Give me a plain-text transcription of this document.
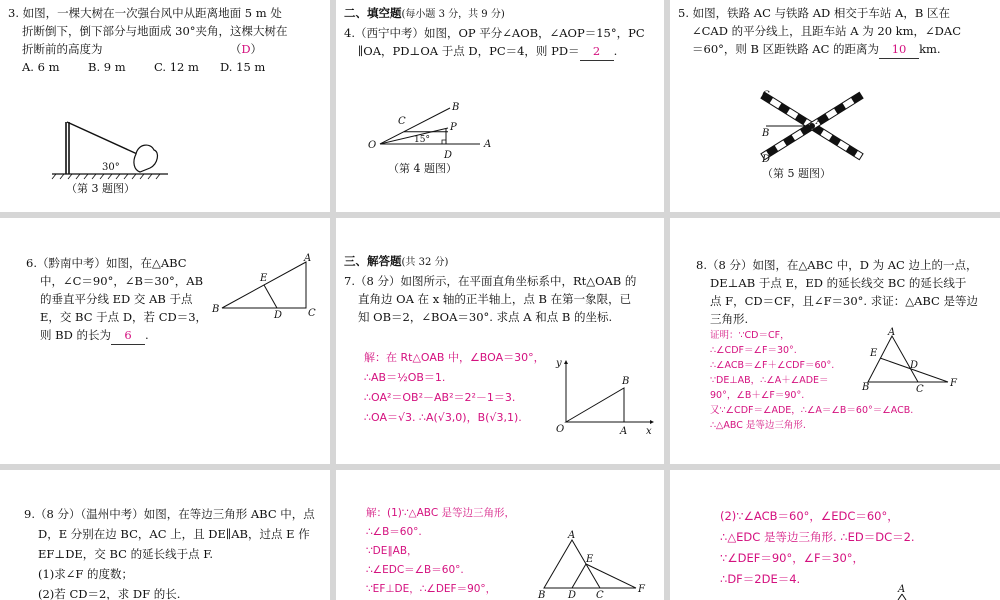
3. 如图，一棵大树在一次强台风中从距离地面 5 m 处
折断倒下，倒下部分与地面成 30°夹角，这棵大树在
折断前的高度为	（D）
A. 6 m B. 9 m C. 12 m D. 15 m
30°
（第 3 题图）
二、填空题(每小题 3 分，共 9 分)
4.（西宁中考）如图，OP 平分∠AOB，∠AOP＝15°，PC
∥OA，PD⊥OA 于点 D，PC＝4，则 PD＝ 2 .
O	A
B
C
P
D
15°
（第 4 题图）
5. 如图，铁路 AC 与铁路 AD 相交于车站 A，B 区在
∠CAD 的平分线上，且距车站 A 为 20 km，∠DAC
＝60°，则 B 区距铁路 AC 的距离为 10 km.
C
B
D
A
（第 5 题图）
6.（黔南中考）如图，在△ABC
中，∠C＝90°，∠B＝30°，AB
的垂直平分线 ED 交 AB 于点
E，交 BC 于点 D，若 CD＝3，
则 BD 的长为 6 .
B
A
C
D
E
三、解答题(共 32 分)
7.（8 分）如图所示，在平面直角坐标系中，Rt△OAB 的
直角边 OA 在 x 轴的正半轴上，点 B 在第一象限，已
知 OB＝2，∠BOA＝30°. 求点 A 和点 B 的坐标.
解：在 Rt△OAB 中，∠BOA＝30°，
∴AB＝½OB＝1.
∴OA²＝OB²－AB²＝2²－1＝3.
∴OA＝√3. ∴A(√3,0)，B(√3,1).
O	A
B
x
y
8.（8 分）如图，在△ABC 中，D 为 AC 边上的一点，
DE⊥AB 于点 E，ED 的延长线交 BC 的延长线于
点 F，CD＝CF，且∠F＝30°. 求证：△ABC 是等边
三角形.
证明：∵CD＝CF，
∴∠CDF＝∠F＝30°.
∴∠ACB＝∠F＋∠CDF＝60°.
∵DE⊥AB，∴∠A＋∠ADE＝
90°，∠B＋∠F＝90°.
又∵∠CDF＝∠ADE，∴∠A＝∠B＝60°＝∠ACB.
∴△ABC 是等边三角形.
A
B	C
D
E
F
9.（8 分）（温州中考）如图，在等边三角形 ABC 中，点
D，E 分别在边 BC，AC 上，且 DE∥AB，过点 E 作
EF⊥DE，交 BC 的延长线于点 F.
(1)求∠F 的度数；
(2)若 CD＝2，求 DF 的长.
解：(1)∵△ABC 是等边三角形，
∴∠B＝60°.
∵DE∥AB，
∴∠EDC＝∠B＝60°.
∵EF⊥DE，∴∠DEF＝90°，
A
B D C
E
F
(2)∵∠ACB＝60°，∠EDC＝60°，
∴△EDC 是等边三角形. ∴ED＝DC＝2.
∵∠DEF＝90°，∠F＝30°，
∴DF＝2DE＝4.
A
